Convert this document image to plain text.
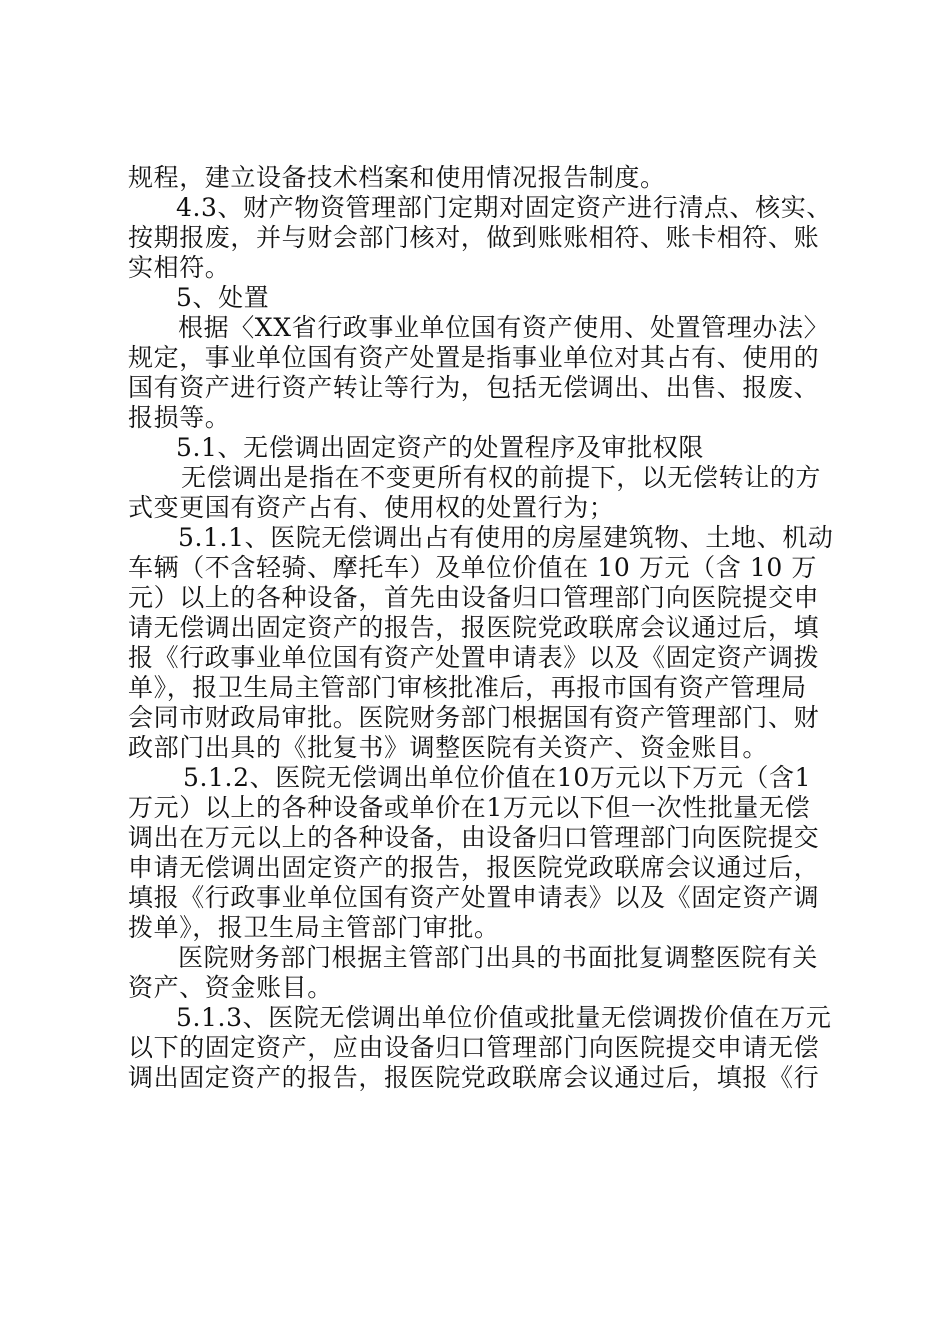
规程，建立设备技术档案和使用情况报告制度。
4.3、财产物资管理部门定期对固定资产进行清点、核实、
按期报废，并与财会部门核对，做到账账相符、账卡相符、账
实相符。
5、处置
根据〈XX省行政事业单位国有资产使用、处置管理办法〉
规定，事业单位国有资产处置是指事业单位对其占有、使用的
国有资产进行资产转让等行为，包括无偿调出、出售、报废、
报损等。
5.1、无偿调出固定资产的处置程序及审批权限
无偿调出是指在不变更所有权的前提下，以无偿转让的方
式变更国有资产占有、使用权的处置行为；
5.1.1、医院无偿调出占有使用的房屋建筑物、土地、机动
车辆（不含轻骑、摩托车）及单位价值在 10 万元（含 10 万
元）以上的各种设备，首先由设备归口管理部门向医院提交申
请无偿调出固定资产的报告，报医院党政联席会议通过后，填
报《行政事业单位国有资产处置申请表》以及《固定资产调拨
单》，报卫生局主管部门审核批准后，再报市国有资产管理局
会同市财政局审批。医院财务部门根据国有资产管理部门、财
政部门出具的《批复书》调整医院有关资产、资金账目。
5.1.2、医院无偿调出单位价值在10万元以下万元（含1
万元）以上的各种设备或单价在1万元以下但一次性批量无偿
调出在万元以上的各种设备，由设备归口管理部门向医院提交
申请无偿调出固定资产的报告，报医院党政联席会议通过后，
填报《行政事业单位国有资产处置申请表》以及《固定资产调
拨单》，报卫生局主管部门审批。
医院财务部门根据主管部门出具的书面批复调整医院有关
资产、资金账目。
5.1.3、医院无偿调出单位价值或批量无偿调拨价值在万元
以下的固定资产，应由设备归口管理部门向医院提交申请无偿
调出固定资产的报告，报医院党政联席会议通过后，填报《行
